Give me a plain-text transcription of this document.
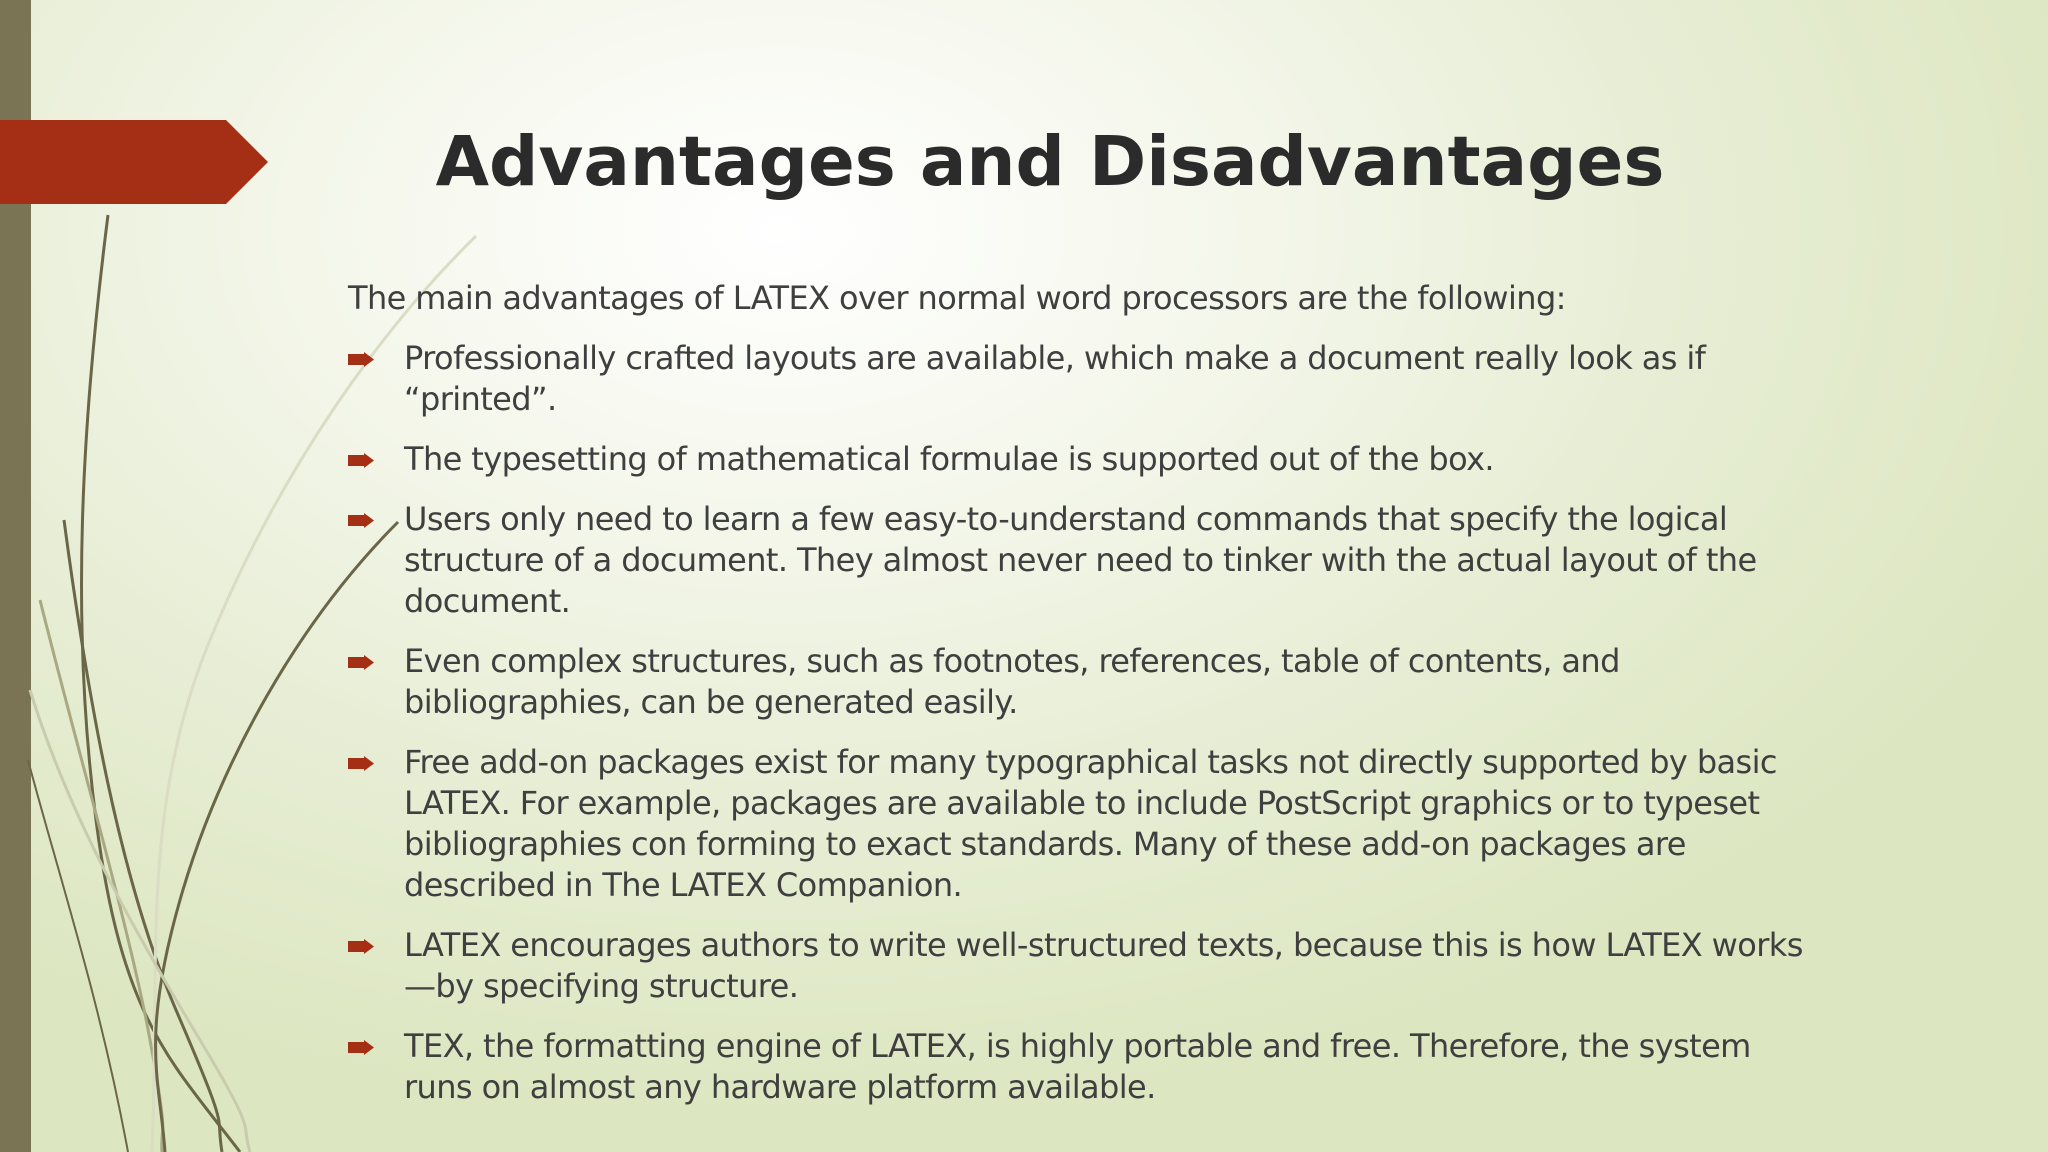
Advantages and Disadvantages

The main advantages of LATEX over normal word processors are the following:

Professionally crafted layouts are available, which make a document really look as if “printed”.
The typesetting of mathematical formulae is supported out of the box.
Users only need to learn a few easy-to-understand commands that specify the logical structure of a document. They almost never need to tinker with the actual layout of the document.
Even complex structures, such as footnotes, references, table of contents, and bibliographies, can be generated easily.
Free add-on packages exist for many typographical tasks not directly supported by basic LATEX. For example, packages are available to include PostScript graphics or to typeset bibliographies con forming to exact standards. Many of these add-on packages are described in The LATEX Companion.
LATEX encourages authors to write well-structured texts, because this is how LATEX works—by specifying structure.
TEX, the formatting engine of LATEX, is highly portable and free. Therefore, the system runs on almost any hardware platform available.
